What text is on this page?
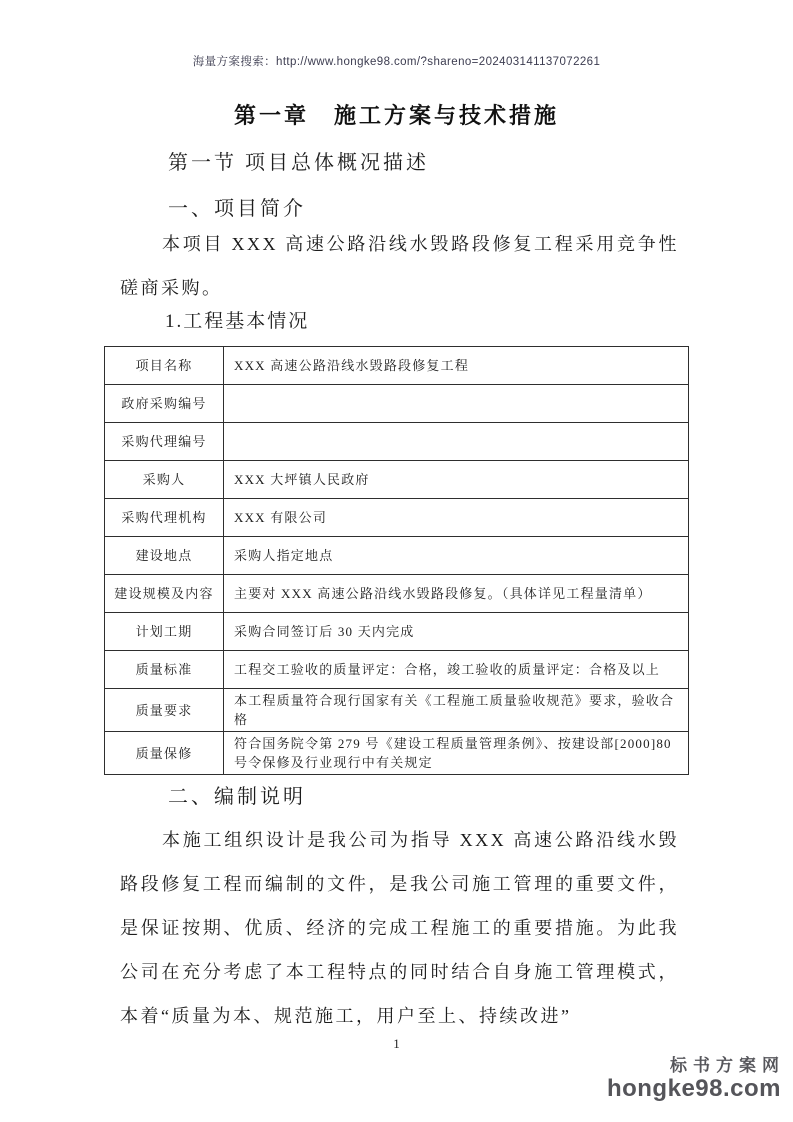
海量方案搜索：http://www.hongke98.com/?shareno=202403141137072261
第一章　施工方案与技术措施
第一节 项目总体概况描述
一、项目简介
本项目 XXX 高速公路沿线水毁路段修复工程采用竞争性磋商采购。
1.工程基本情况
项目名称	XXX 高速公路沿线水毁路段修复工程
政府采购编号	
采购代理编号	
采购人	XXX 大坪镇人民政府
采购代理机构	XXX 有限公司
建设地点	采购人指定地点
建设规模及内容	主要对 XXX 高速公路沿线水毁路段修复。（具体详见工程量清单）
计划工期	采购合同签订后 30 天内完成
质量标准	工程交工验收的质量评定：合格，竣工验收的质量评定：合格及以上
质量要求	本工程质量符合现行国家有关《工程施工质量验收规范》要求，验收合格
质量保修	符合国务院令第 279 号《建设工程质量管理条例》、按建设部[2000]80 号令保修及行业现行中有关规定
二、编制说明
本施工组织设计是我公司为指导 XXX 高速公路沿线水毁路段修复工程而编制的文件，是我公司施工管理的重要文件，是保证按期、优质、经济的完成工程施工的重要措施。为此我公司在充分考虑了本工程特点的同时结合自身施工管理模式，本着“质量为本、规范施工，用户至上、持续改进”
1
标书方案网
hongke98.com
